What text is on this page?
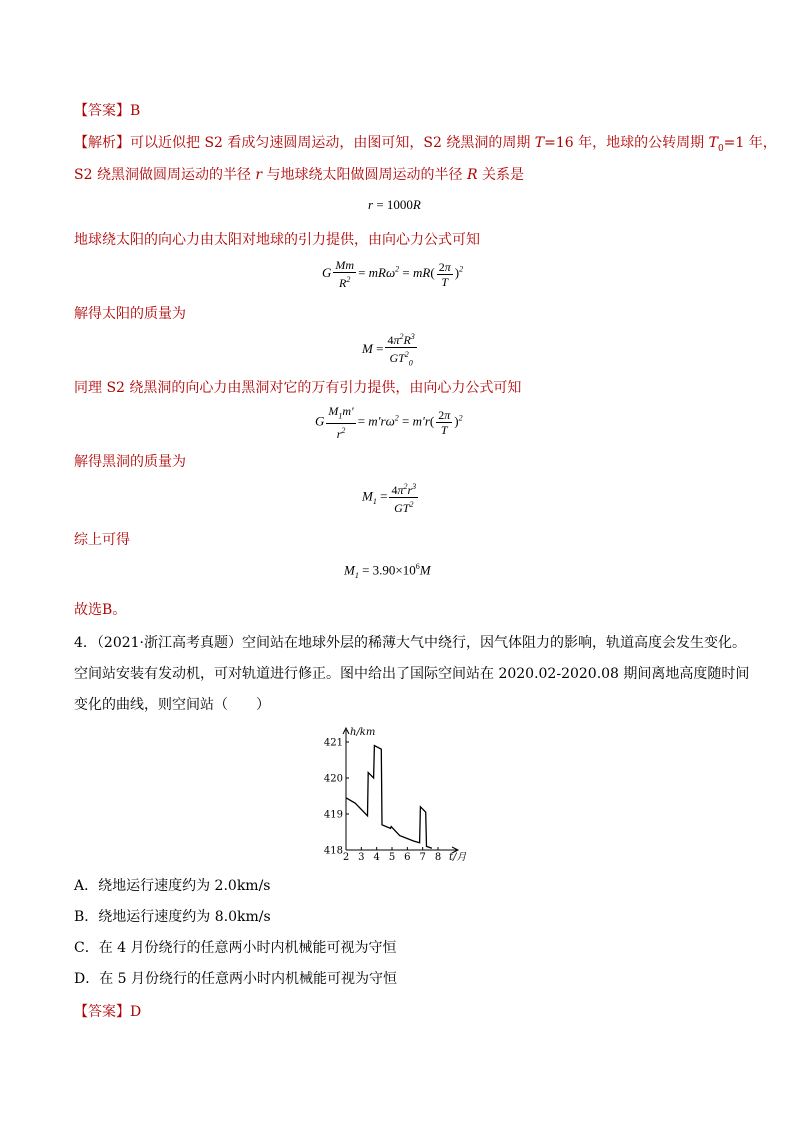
【答案】B
【解析】可以近似把 S2 看成匀速圆周运动，由图可知，S2 绕黑洞的周期 T=16 年，地球的公转周期 $T_0=1$ 年，
S2 绕黑洞做圆周运动的半径 r 与地球绕太阳做圆周运动的半径 R 关系是
r = 1000R
地球绕太阳的向心力由太阳对地球的引力提供，由向心力公式可知
G $\frac{Mm}{R^2} = mR\omega^2 = mR( \frac{2\pi}{T} )^2$
解得太阳的质量为
$M = \frac{4\pi^2R^3}{GT^2_0}$
同理 S2 绕黑洞的向心力由黑洞对它的万有引力提供，由向心力公式可知
G $\frac{M_1m'}{r^2} = m'r\omega^2 = m'r( \frac{2\pi}{T} )^2$
解得黑洞的质量为
$M_1 = \frac{4\pi^2r^3}{GT^2}$
综上可得
$M_1 = 3.90\times 10^6M$
故选B。
4．（2021·浙江高考真题）空间站在地球外层的稀薄大气中绕行，因气体阻力的影响，轨道高度会发生变化。
空间站安装有发动机，可对轨道进行修正。图中给出了国际空间站在 2020.02-2020.08 期间离地高度随时间
变化的曲线，则空间站（　　）
418
419
420
421
2 3 4 5 6 7 8
h/km
t/月
A．绕地运行速度约为 2.0km/s
B．绕地运行速度约为 8.0km/s
C．在 4 月份绕行的任意两小时内机械能可视为守恒
D．在 5 月份绕行的任意两小时内机械能可视为守恒
【答案】D
